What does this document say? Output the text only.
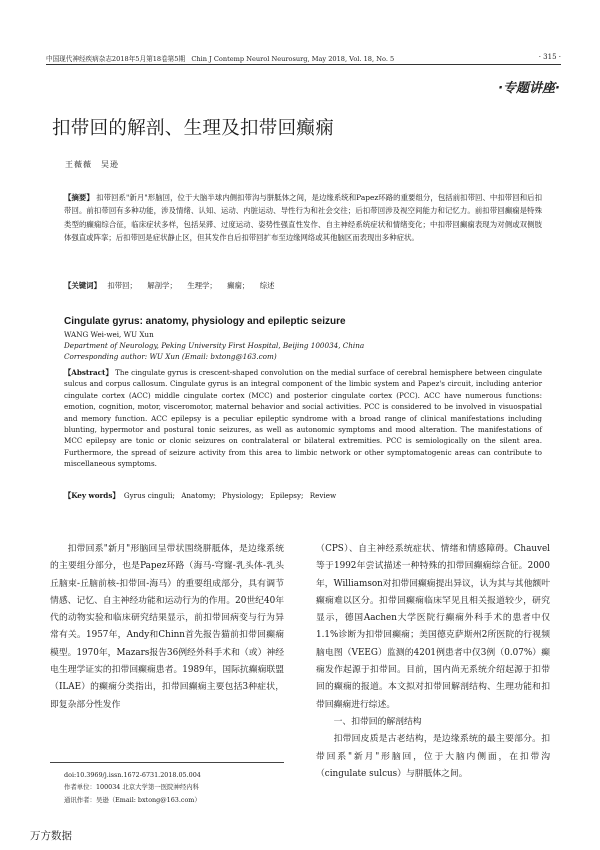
中国现代神经疾病杂志2018年5月第18卷第5期 Chin J Contemp Neurol Neurosurg, May 2018, Vol. 18, No. 5	· 315 ·
·专题讲座·
扣带回的解剖、生理及扣带回癫痫
王薇薇　吴逊
【摘要】 扣带回系"新月"形脑回，位于大脑半球内侧扣带沟与胼胝体之间，是边缘系统和Papez环路的重要组分，包括前扣带回、中扣带回和后扣带回。前扣带回有多种功能，涉及情绪、认知、运动、内脏运动、导性行为和社会交往；后扣带回涉及视空间能力和记忆力。前扣带回癫痫是特殊类型的癫痫综合征，临床症状多样，包括呆滞、过度运动、姿势性强直性发作、自主神经系统症状和情绪变化；中扣带回癫痫表现为对侧或双侧肢体强直或阵挛；后扣带回是症状静止区，但其发作自后扣带回扩布至边缘网络或其他脑区而表现出多种症状。
【关键词】 扣带回； 解剖学； 生理学； 癫痫； 综述
Cingulate gyrus: anatomy, physiology and epileptic seizure
WANG Wei-wei, WU Xun
Department of Neurology, Peking University First Hospital, Beijing 100034, China
Corresponding author: WU Xun (Email: bxtong@163.com)
【Abstract】 The cingulate gyrus is crescent-shaped convolution on the medial surface of cerebral hemisphere between cingulate sulcus and corpus callosum. Cingulate gyrus is an integral component of the limbic system and Papez's circuit, including anterior cingulate cortex (ACC) middle cingulate cortex (MCC) and posterior cingulate cortex (PCC). ACC have numerous functions: emotion, cognition, motor, visceromotor, maternal behavior and social activities. PCC is considered to be involved in visuospatial and memory function. ACC epilepsy is a peculiar epileptic syndrome with a broad range of clinical manifestations including blunting, hypermotor and postural tonic seizures, as well as autonomic symptoms and mood alteration. The manifestations of MCC epilepsy are tonic or clonic seizures on contralateral or bilateral extremities. PCC is semiologically on the silent area. Furthermore, the spread of seizure activity from this area to limbic network or other symptomatogenic areas can contribute to miscellaneous symptoms.
【Key words】 Gyrus cinguli; Anatomy; Physiology; Epilepsy; Review

扣带回系"新月"形脑回呈带状围绕胼胝体，是边缘系统的主要组分部分，也是Papez环路（海马-穹窿-乳头体-乳头丘脑束-丘脑前核-扣带回-海马）的重要组成部分，具有调节情感、记忆、自主神经功能和运动行为的作用。20世纪40年代的动物实验和临床研究结果显示，前扣带回病变与行为异常有关。1957年，Andy和Chinn首先报告猫前扣带回癫痫模型。1970年，Mazars报告36例经外科手术和（或）神经电生理学证实的扣带回癫痫患者。1989年，国际抗癫痫联盟（ILAE）的癫痫分类指出，扣带回癫痫主要包括3种症状，即复杂部分性发作

（CPS）、自主神经系统症状、情绪和情感障碍。Chauvel等于1992年尝试描述一种特殊的扣带回癫痫综合征。2000年，Williamson对扣带回癫痫提出异议，认为其与其他额叶癫痫难以区分。扣带回癫痫临床罕见且相关报道较少，研究显示，德国Aachen大学医院行癫痫外科手术的患者中仅1.1%诊断为扣带回癫痫；美国德克萨斯州2所医院的行视频脑电图（VEEG）监测的4201例患者中仅3例（0.07%）癫痫发作起源于扣带回。目前，国内尚无系统介绍起源于扣带回的癫痫的报道。本文拟对扣带回解剖结构、生理功能和扣带回癫痫进行综述。

一、扣带回的解剖结构

扣带回皮质是古老结构，是边缘系统的最主要部分。扣带回系"新月"形脑回，位于大脑内侧面，在扣带沟（cingulate sulcus）与胼胝体之间。

doi:10.3969/j.issn.1672-6731.2018.05.004
作者单位：100034 北京大学第一医院神经内科
通讯作者：吴逊（Email: bxtong@163.com）
万方数据
